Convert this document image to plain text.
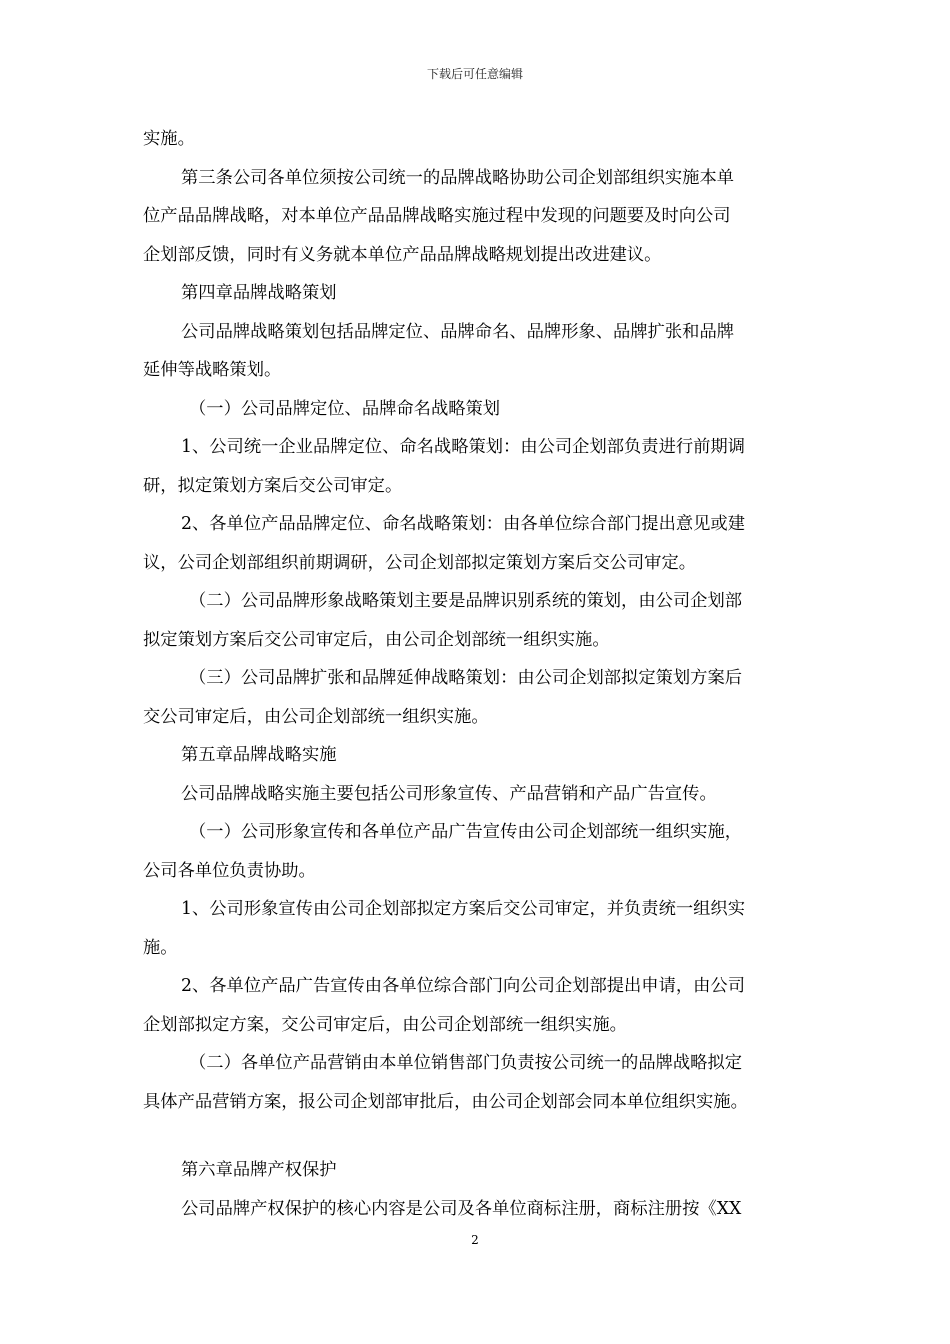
下载后可任意编辑
实施。
第三条公司各单位须按公司统一的品牌战略协助公司企划部组织实施本单
位产品品牌战略，对本单位产品品牌战略实施过程中发现的问题要及时向公司
企划部反馈，同时有义务就本单位产品品牌战略规划提出改进建议。
第四章品牌战略策划
公司品牌战略策划包括品牌定位、品牌命名、品牌形象、品牌扩张和品牌
延伸等战略策划。
（一）公司品牌定位、品牌命名战略策划
1、公司统一企业品牌定位、命名战略策划：由公司企划部负责进行前期调
研，拟定策划方案后交公司审定。
2、各单位产品品牌定位、命名战略策划：由各单位综合部门提出意见或建
议，公司企划部组织前期调研，公司企划部拟定策划方案后交公司审定。
（二）公司品牌形象战略策划主要是品牌识别系统的策划，由公司企划部
拟定策划方案后交公司审定后，由公司企划部统一组织实施。
（三）公司品牌扩张和品牌延伸战略策划：由公司企划部拟定策划方案后
交公司审定后，由公司企划部统一组织实施。
第五章品牌战略实施
公司品牌战略实施主要包括公司形象宣传、产品营销和产品广告宣传。
（一）公司形象宣传和各单位产品广告宣传由公司企划部统一组织实施，
公司各单位负责协助。
1、公司形象宣传由公司企划部拟定方案后交公司审定，并负责统一组织实
施。
2、各单位产品广告宣传由各单位综合部门向公司企划部提出申请，由公司
企划部拟定方案，交公司审定后，由公司企划部统一组织实施。
（二）各单位产品营销由本单位销售部门负责按公司统一的品牌战略拟定
具体产品营销方案，报公司企划部审批后，由公司企划部会同本单位组织实施。
第六章品牌产权保护
公司品牌产权保护的核心内容是公司及各单位商标注册，商标注册按《XX
2
